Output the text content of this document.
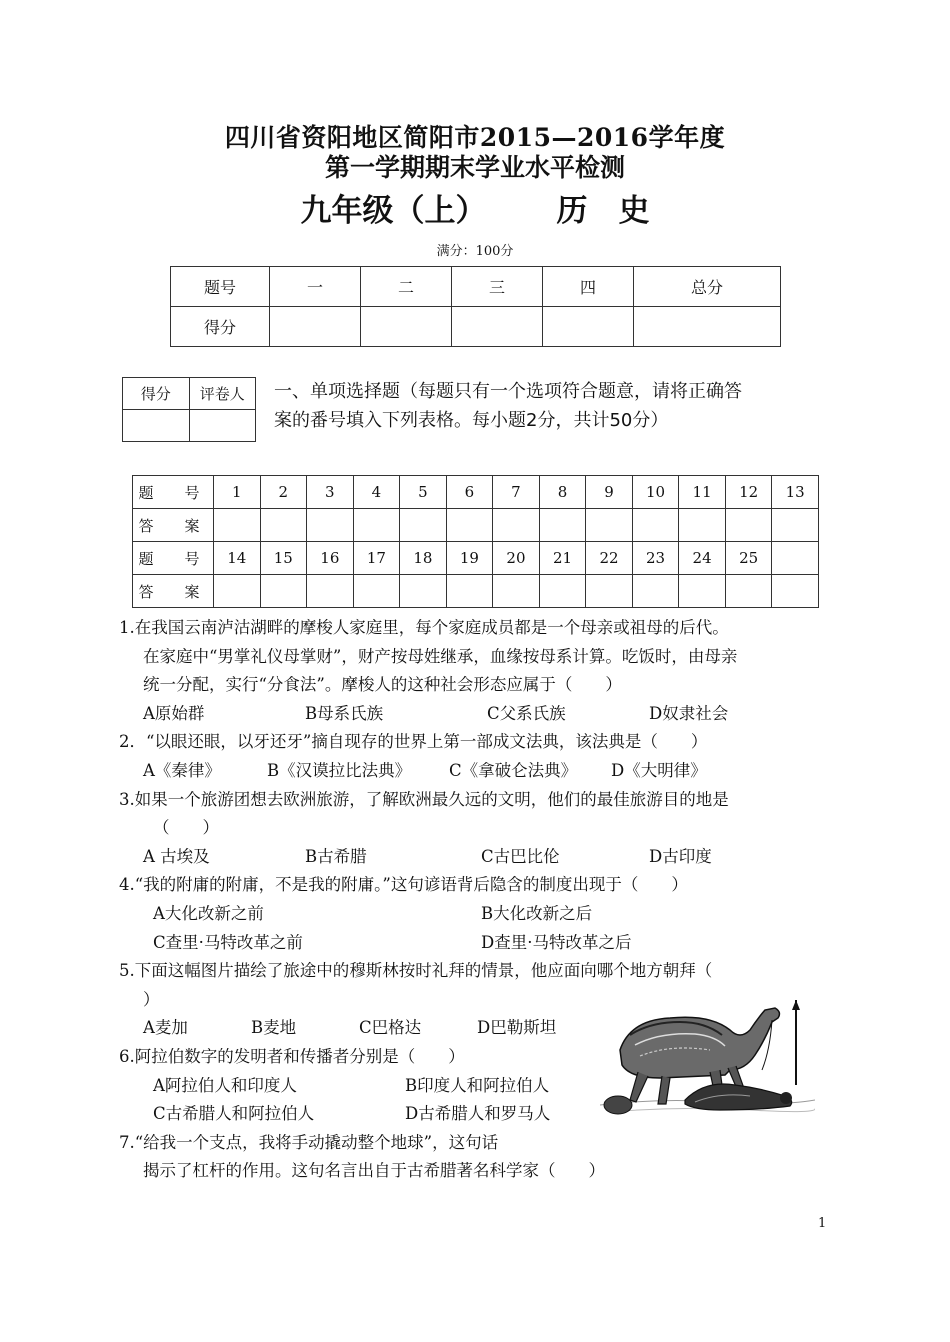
四川省资阳地区简阳市2015—2016学年度
第一学期期末学业水平检测
九年级（上） 历　史
满分：100分
题号	一	二	三	四	总分
得分					
得分	评卷人
	一、单项选择题（每题只有一个选项符合题意，请将正确答
案的番号填入下列表格。每小题2分，共计50分）
题　号	1	2	3	4	5	6	7	8	9	10	11	12	13
答　案													
题　号	14	15	16	17	18	19	20	21	22	23	24	25	
答　案													
1.在我国云南泸沽湖畔的摩梭人家庭里，每个家庭成员都是一个母亲或祖母的后代。
在家庭中“男掌礼仪母掌财”，财产按母姓继承，血缘按母系计算。吃饭时，由母亲
统一分配，实行“分食法”。摩梭人的这种社会形态应属于（　　）
A原始群	B母系氏族	C父系氏族	D奴隶社会
2．“以眼还眼，以牙还牙”摘自现存的世界上第一部成文法典，该法典是（　　）
A《秦律》	B《汉谟拉比法典》 C《拿破仑法典》 D《大明律》
3.如果一个旅游团想去欧洲旅游，了解欧洲最久远的文明，他们的最佳旅游目的地是
（　　）
A 古埃及	B古希腊	C古巴比伦	D古印度
4.“我的附庸的附庸，不是我的附庸。”这句谚语背后隐含的制度出现于（　　）
A大化改新之前	B大化改新之后
C查里·马特改革之前	D查里·马特改革之后
5.下面这幅图片描绘了旅途中的穆斯林按时礼拜的情景，他应面向哪个地方朝拜（
）
A麦加	B麦地	C巴格达	D巴勒斯坦
6.阿拉伯数字的发明者和传播者分别是（　　）
A阿拉伯人和印度人	B印度人和阿拉伯人
C古希腊人和阿拉伯人	D古希腊人和罗马人
7.“给我一个支点，我将手动撬动整个地球”，这句话
揭示了杠杆的作用。这句名言出自于古希腊著名科学家（　　）
1
